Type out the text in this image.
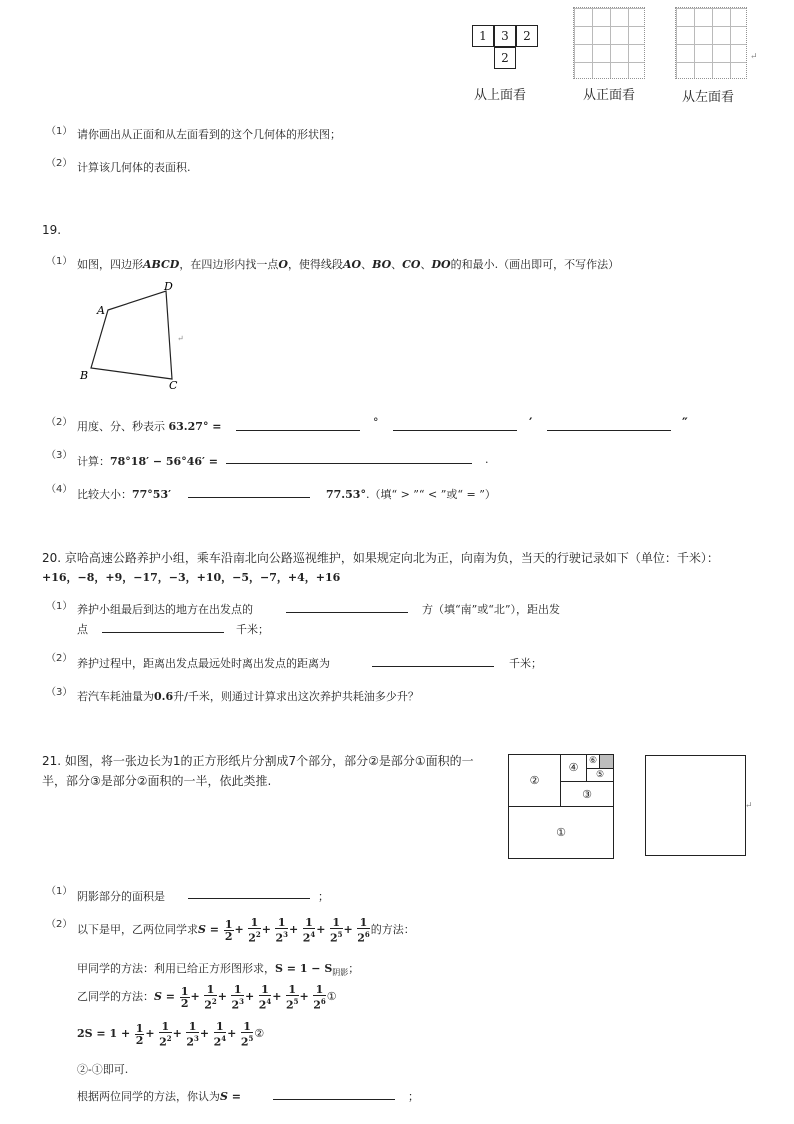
1	3	2
2	↵
从上面看	从正面看	从左面看
（1） 请你画出从正面和从左面看到的这个几何体的形状图；
（2） 计算该几何体的表面积.
19.
（1） 如图，四边形ABCD，在四边形内找一点O，使得线段AO、BO、CO、DO的和最小.（画出即可，不写作法）
A
D
B
C
↵
（2） 用度、分、秒表示 63.27° =	°	′	″
（3） 计算：78°18′ − 56°46′ =	.
（4） 比较大小：77°53′	77.53°.（填“ > ”“ < ”或“ = ”）
20. 京哈高速公路养护小组，乘车沿南北向公路巡视维护，如果规定向北为正，向南为负，当天的行驶记录如下（单位：千米）：
+16，−8，+9，−17，−3，+10，−5，−7，+4，+16
（1） 养护小组最后到达的地方在出发点的	方（填“南”或“北”），距出发
点	千米；
（2） 养护过程中，距离出发点最远处时离出发点的距离为	千米；
（3） 若汽车耗油量为0.6升/千米，则通过计算求出这次养护共耗油多少升？
21. 如图，将一张边长为1的正方形纸片分割成7个部分，部分②是部分①面积的一
半，部分③是部分②面积的一半，依此类推.
①
②
③
④
⑤
⑥
↵
（1） 阴影部分的面积是	；
（2） 以下是甲，乙两位同学求$S = \frac{1}{2} + \frac{1}{2^2} + \frac{1}{2^3} + \frac{1}{2^4} + \frac{1}{2^5} + \frac{1}{2^6}$ 的方法：
甲同学的方法：利用已给正方形图形求，$S = 1 - S_{阴影}$；
乙同学的方法：$S = \frac{1}{2} + \frac{1}{2^2} + \frac{1}{2^3} + \frac{1}{2^4} + \frac{1}{2^5} + \frac{1}{2^6}$ ①
$2S = 1 + \frac{1}{2} + \frac{1}{2^2} + \frac{1}{2^3} + \frac{1}{2^4} + \frac{1}{2^5}$ ②
②-①即可.
根据两位同学的方法，你认为S =	；
